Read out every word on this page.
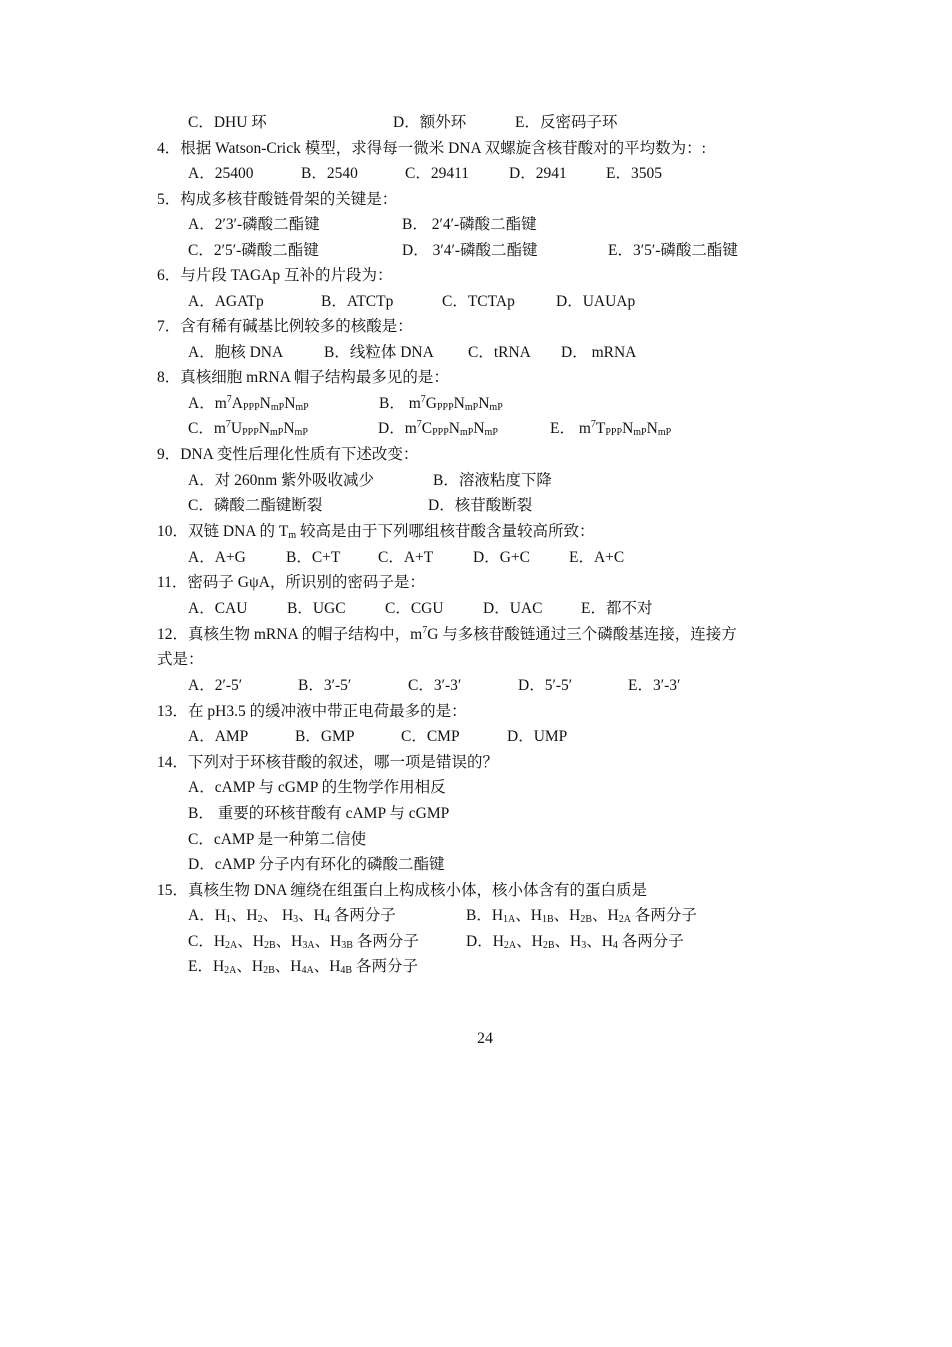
C．DHU 环	D．额外环	E．反密码子环
4．根据 Watson-Crick 模型，求得每一微米 DNA 双螺旋含核苷酸对的平均数为：:
A．25400	B．2540	C．29411	D．2941	E．3505
5．构成多核苷酸链骨架的关键是：
A．2′3′-磷酸二酯键	B． 2′4′-磷酸二酯键
C．2′5′-磷酸二酯键	D． 3′4′-磷酸二酯键	E．3′5′-磷酸二酯键
6．与片段 TAGAp 互补的片段为：
A．AGATp	B．ATCTp	C．TCTAp	D．UAUAp
7．含有稀有碱基比例较多的核酸是：
A．胞核 DNA	B．线粒体 DNA C．tRNA D． mRNA
8．真核细胞 mRNA 帽子结构最多见的是：
A．$m^7A_{PPP}N_{mP}N_{mP}$	B． $m^7G_{PPP}N_{mP}N_{mP}$
C．$m^7U_{PPP}N_{mP}N_{mP}$	D．$m^7C_{PPP}N_{mP}N_{mP}$	E． $m^7T_{PPP}N_{mP}N_{mP}$
9．DNA 变性后理化性质有下述改变：
A．对 260nm 紫外吸收减少	B．溶液粘度下降
C．磷酸二酯键断裂	D．核苷酸断裂
10．双链 DNA 的 $T_m$ 较高是由于下列哪组核苷酸含量较高所致：
A．A+G	B．C+T C．A+T	D．G+C	E．A+C
11．密码子 GψA，所识别的密码子是：
A．CAU	B．UGC	C．CGU	D．UAC E．都不对
12．真核生物 mRNA 的帽子结构中，$m^7G$ 与多核苷酸链通过三个磷酸基连接，连接方
式是：
A．2′-5′	B．3′-5′	C．3′-3′	D．5′-5′	E．3′-3′
13．在 pH3.5 的缓冲液中带正电荷最多的是：
A．AMP	B．GMP	C．CMP	D．UMP
14．下列对于环核苷酸的叙述，哪一项是错误的？
A．cAMP 与 cGMP 的生物学作用相反
B． 重要的环核苷酸有 cAMP 与 cGMP
C．cAMP 是一种第二信使
D．cAMP 分子内有环化的磷酸二酯键
15．真核生物 DNA 缠绕在组蛋白上构成核小体，核小体含有的蛋白质是
A．$H_1$、$H_2$、 $H_3$、$H_4$ 各两分子	B．$H_{1A}$、$H_{1B}$、$H_{2B}$、$H_{2A}$ 各两分子
C．$H_{2A}$、$H_{2B}$、$H_{3A}$、$H_{3B}$ 各两分子	D．$H_{2A}$、$H_{2B}$、$H_3$、$H_4$ 各两分子
E．$H_{2A}$、$H_{2B}$、$H_{4A}$、$H_{4B}$ 各两分子
24
